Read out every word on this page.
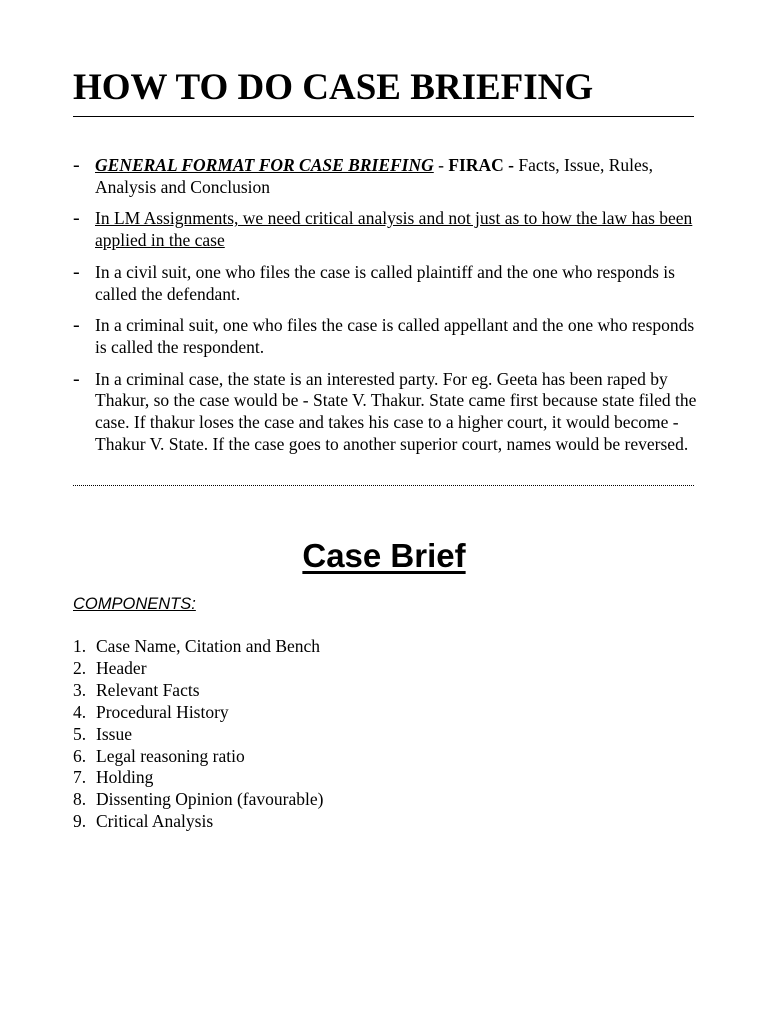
HOW TO DO CASE BRIEFING
- GENERAL FORMAT FOR CASE BRIEFING - FIRAC - Facts, Issue, Rules, Analysis and Conclusion
- In LM Assignments, we need critical analysis and not just as to how the law has been applied in the case
- In a civil suit, one who files the case is called plaintiff and the one who responds is called the defendant.
- In a criminal suit, one who files the case is called appellant and the one who responds is called the respondent.
- In a criminal case, the state is an interested party. For eg. Geeta has been raped by Thakur, so the case would be - State V. Thakur. State came first because state filed the case. If thakur loses the case and takes his case to a higher court, it would become - Thakur V. State. If the case goes to another superior court, names would be reversed.
Case Brief

COMPONENTS:

1. Case Name, Citation and Bench
2. Header
3. Relevant Facts
4. Procedural History
5. Issue
6. Legal reasoning ratio
7. Holding
8. Dissenting Opinion (favourable)
9. Critical Analysis
